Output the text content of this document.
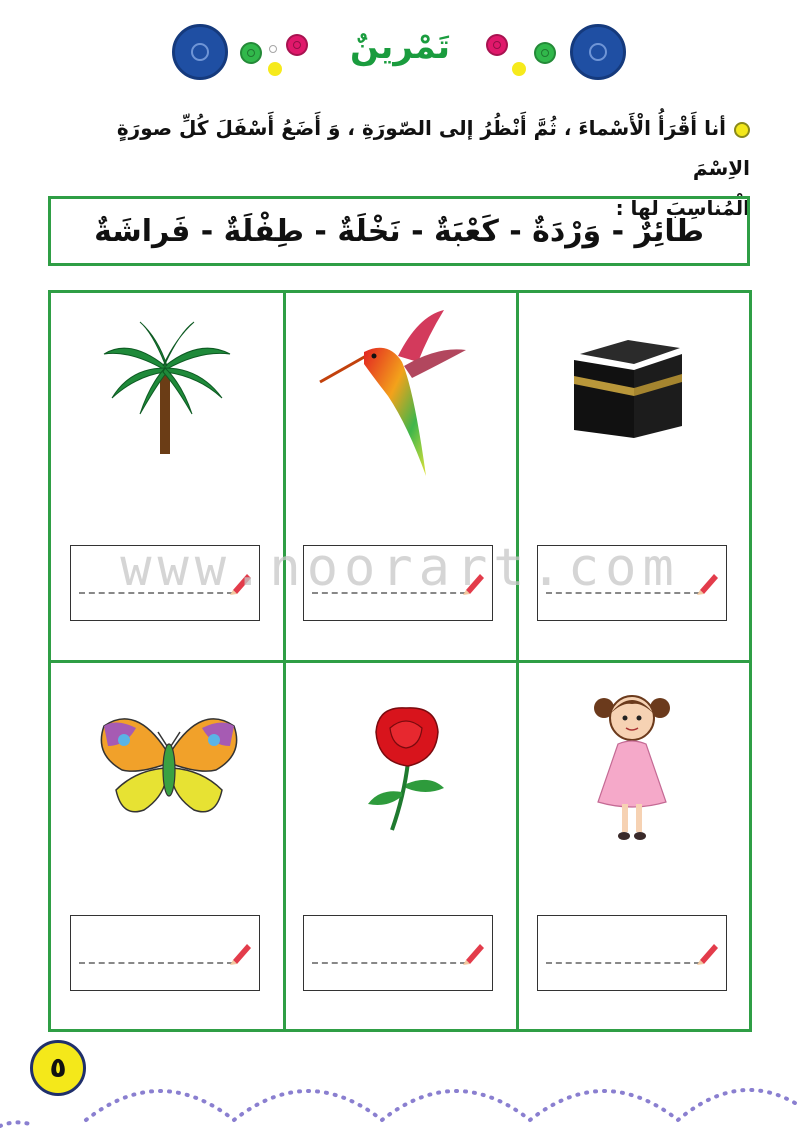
تَمْرينٌ
أنا أَقْرَأُ الْأَسْماءَ ، ثُمَّ أَنْظُرُ إلى الصّورَةِ ، وَ أَضَعُ أَسْفَلَ كُلِّ صورَةٍ الاِسْمَ
الْمُناسِبَ لَها :
طائِرٌ - وَرْدَةٌ - كَعْبَةٌ - نَخْلَةٌ - طِفْلَةٌ - فَراشَةٌ
www.noorart.com
٥
